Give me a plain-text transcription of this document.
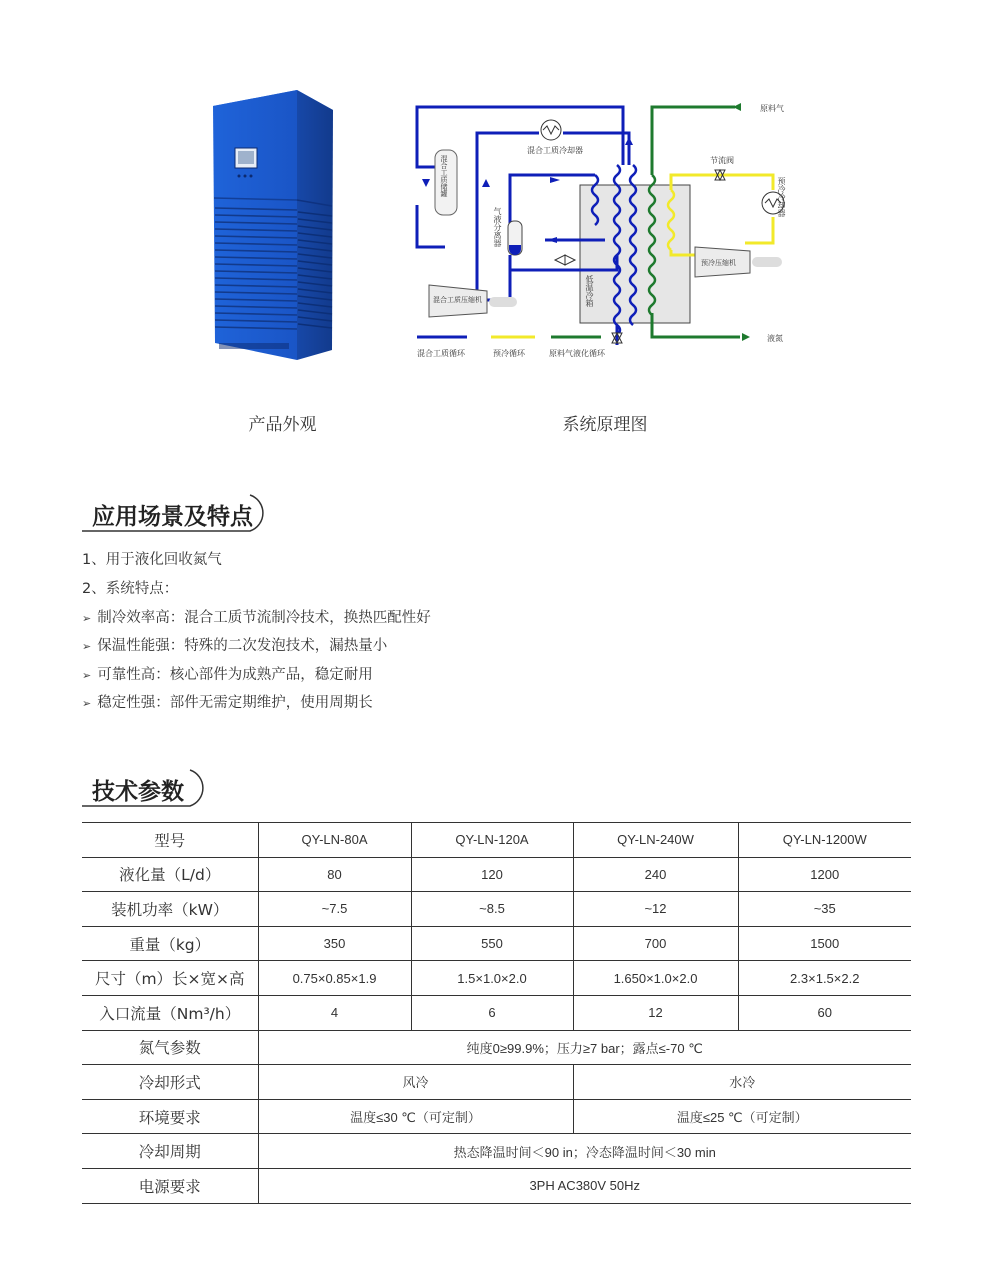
原料气
节流阀
混合工质冷却器
混合工质压缩机
预冷压缩机
液氮
预冷冷却器
气液分离器
混合工质储罐
低温冷箱
混合工质循环	预冷循环	原料气液化循环
产品外观	系统原理图
应用场景及特点
1、用于液化回收氮气
2、系统特点：
➢ 制冷效率高：混合工质节流制冷技术，换热匹配性好
➢ 保温性能强：特殊的二次发泡技术，漏热量小
➢ 可靠性高：核心部件为成熟产品，稳定耐用
➢ 稳定性强：部件无需定期维护，使用周期长
技术参数
型号	QY-LN-80A	QY-LN-120A	QY-LN-240W	QY-LN-1200W
液化量（L/d）	80	120	240	1200
装机功率（kW）	~7.5	~8.5	~12	~35
重量（kg）	350	550	700	1500
尺寸（m）长×宽×高	0.75×0.85×1.9	1.5×1.0×2.0	1.650×1.0×2.0	2.3×1.5×2.2
入口流量（Nm³/h）	4	6	12	60
氮气参数	纯度0≥99.9%；压力≥7 bar；露点≤-70 ℃			
冷却形式	风冷		水冷	
环境要求	温度≤30 ℃（可定制）		温度≤25 ℃（可定制）	
冷却周期	热态降温时间＜90 in；冷态降温时间＜30 min			
电源要求	3PH AC380V 50Hz			
